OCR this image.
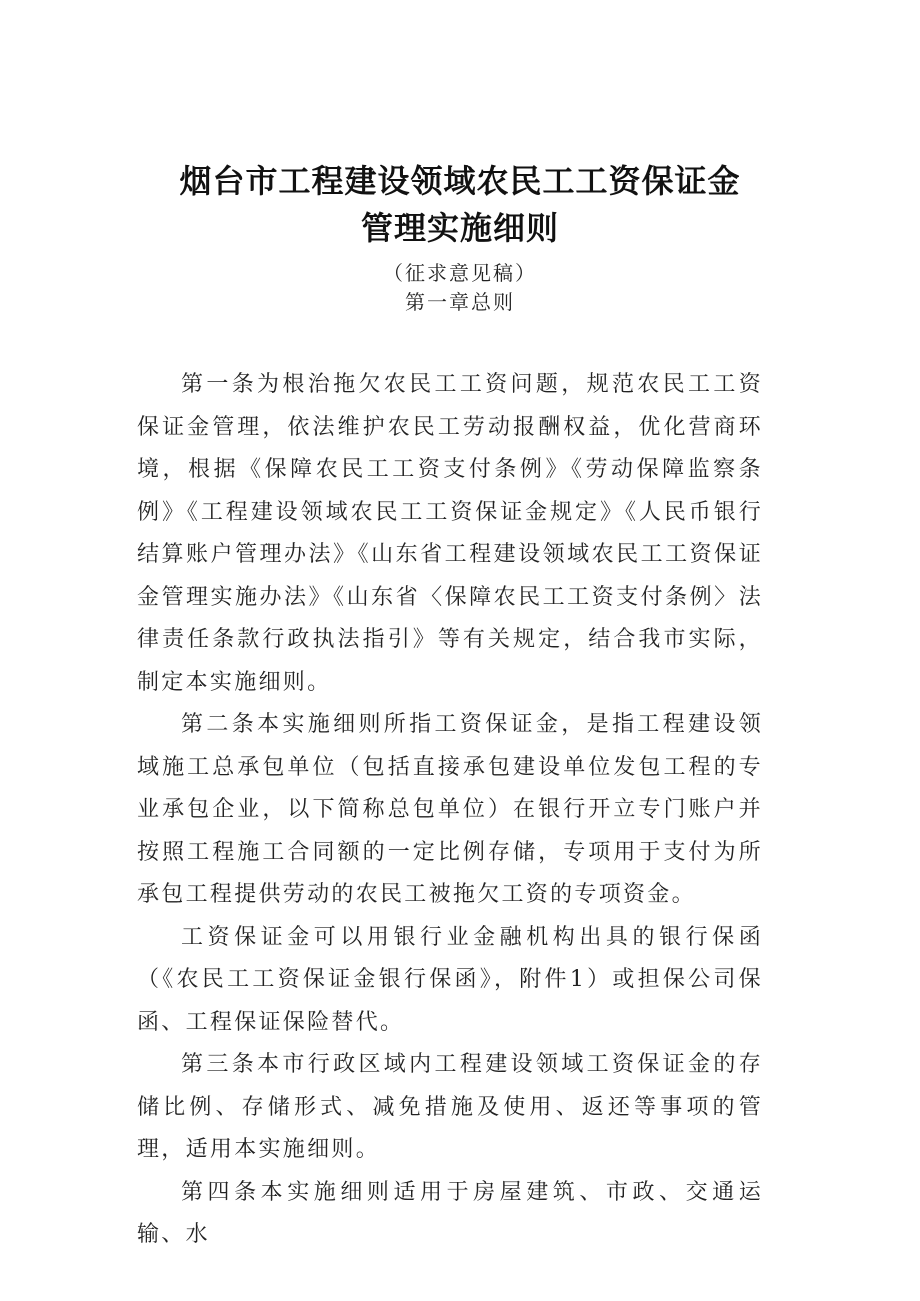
烟台市工程建设领域农民工工资保证金
管理实施细则
（征求意见稿）
第一章总则

第一条为根治拖欠农民工工资问题，规范农民工工资保证金管理，依法维护农民工劳动报酬权益，优化营商环境，根据《保障农民工工资支付条例》《劳动保障监察条例》《工程建设领域农民工工资保证金规定》《人民币银行结算账户管理办法》《山东省工程建设领域农民工工资保证金管理实施办法》《山东省〈保障农民工工资支付条例〉法律责任条款行政执法指引》等有关规定，结合我市实际，制定本实施细则。

第二条本实施细则所指工资保证金，是指工程建设领域施工总承包单位（包括直接承包建设单位发包工程的专业承包企业，以下简称总包单位）在银行开立专门账户并按照工程施工合同额的一定比例存储，专项用于支付为所承包工程提供劳动的农民工被拖欠工资的专项资金。

工资保证金可以用银行业金融机构出具的银行保函（《农民工工资保证金银行保函》，附件1）或担保公司保函、工程保证保险替代。

第三条本市行政区域内工程建设领域工资保证金的存储比例、存储形式、减免措施及使用、返还等事项的管理，适用本实施细则。

第四条本实施细则适用于房屋建筑、市政、交通运输、水
